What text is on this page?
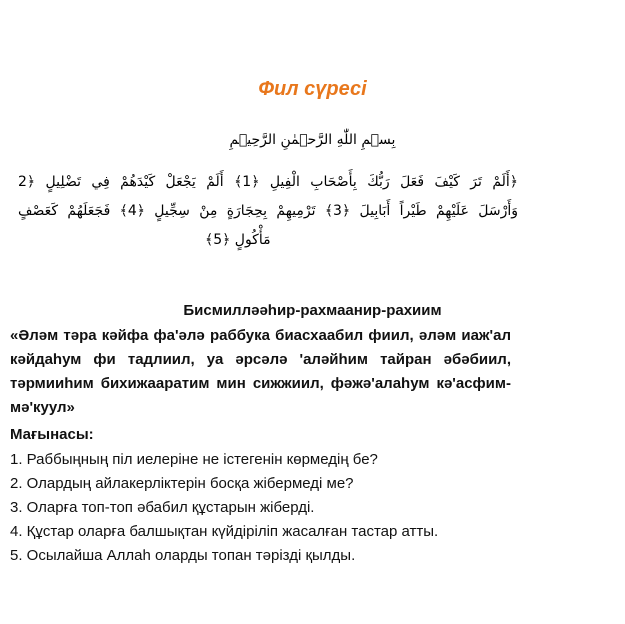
Фил сүресі
بِسۡمِ اللّٰهِ الرَّحۡمٰنِ الرَّحِيۡمِ
﴿أَلَمْ تَرَ كَيْفَ فَعَلَ رَبُّكَ بِأَصْحَابِ الْفِيلِ ﴿1﴾ أَلَمْ يَجْعَلْ كَيْدَهُمْ فِي تَضْلِيلٍ ﴿2
وَأَرْسَلَ عَلَيْهِمْ طَيْراً أَبَابِيلَ ﴿3﴾ تَرْمِيهِمْ بِحِجَارَةٍ مِنْ سِجِّيلٍ ﴿4﴾ فَجَعَلَهُمْ كَعَصْفٍ
مَأْكُولٍ ﴿5﴾
Бисмилләәһир-рахмаанир-рахиим
«Әләм тәра кәйфа фа'әлә раббука биасхаабил фиил, әләм иаж'ал кәйдаһум фи тадлиил, уа әрсәлә 'аләйһим тайран әбәбиил, тәрмииһим бихижааратим мин сижжиил, фәжә'алаһум кә'асфим-мә'куул»
Мағынасы:
1. Раббыңның піл иелеріне не істегенін көрмедің бе?
2. Олардың айлакерліктерін босқа жібермеді ме?
3. Оларға топ-топ әбабил құстарын жіберді.
4. Құстар оларға балшықтан күйдіріліп жасалған тастар атты.
5. Осылайша Аллаһ оларды топан тәрізді қылды.
